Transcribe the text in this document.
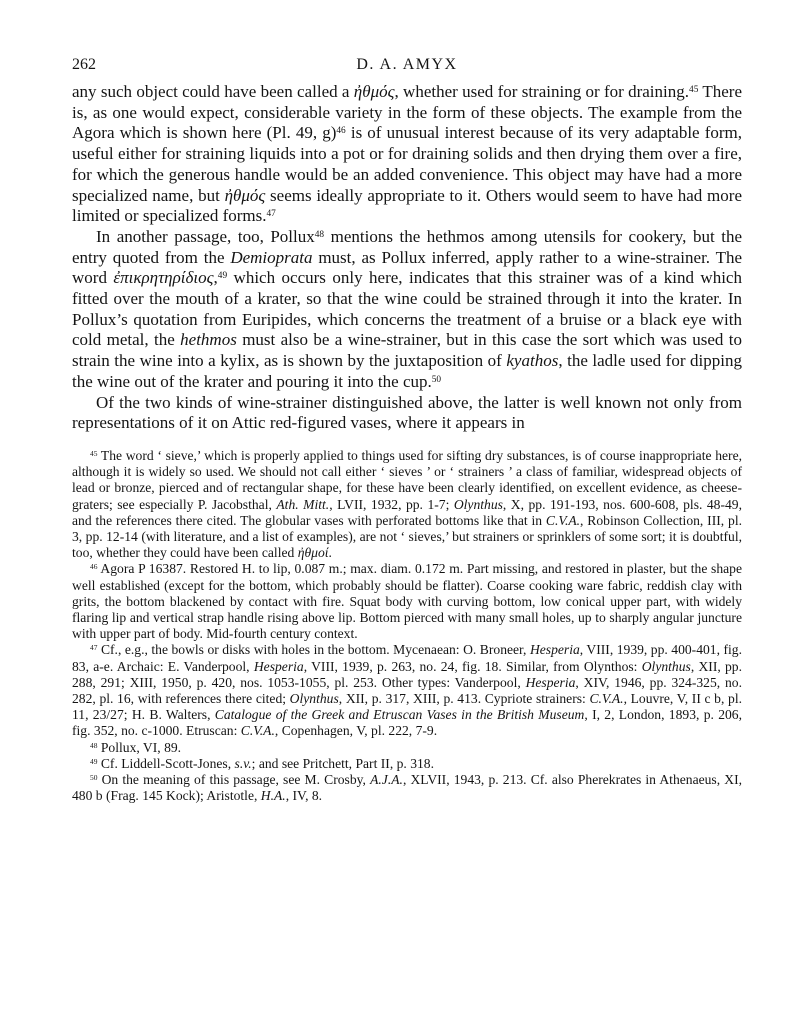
262	D. A. AMYX

any such object could have been called a ἠθμός, whether used for straining or for draining.$^{45}$ There is, as one would expect, considerable variety in the form of these objects. The example from the Agora which is shown here (Pl. 49, g)$^{46}$ is of unusual interest because of its very adaptable form, useful either for straining liquids into a pot or for draining solids and then drying them over a fire, for which the generous handle would be an added convenience. This object may have had a more specialized name, but ἠθμός seems ideally appropriate to it. Others would seem to have had more limited or specialized forms.$^{47}$

In another passage, too, Pollux$^{48}$ mentions the hethmos among utensils for cookery, but the entry quoted from the Demioprata must, as Pollux inferred, apply rather to a wine-strainer. The word ἐπικρητηρίδιος,$^{49}$ which occurs only here, indicates that this strainer was of a kind which fitted over the mouth of a krater, so that the wine could be strained through it into the krater. In Pollux’s quotation from Euripides, which concerns the treatment of a bruise or a black eye with cold metal, the hethmos must also be a wine-strainer, but in this case the sort which was used to strain the wine into a kylix, as is shown by the juxtaposition of kyathos, the ladle used for dipping the wine out of the krater and pouring it into the cup.$^{50}$

Of the two kinds of wine-strainer distinguished above, the latter is well known not only from representations of it on Attic red-figured vases, where it appears in

$^{45}$ The word ‘ sieve,’ which is properly applied to things used for sifting dry substances, is of course inappropriate here, although it is widely so used. We should not call either ‘ sieves ’ or ‘ strainers ’ a class of familiar, widespread objects of lead or bronze, pierced and of rectangular shape, for these have been clearly identified, on excellent evidence, as cheese-graters; see especially P. Jacobsthal, Ath. Mitt., LVII, 1932, pp. 1-7; Olynthus, X, pp. 191-193, nos. 600-608, pls. 48-49, and the references there cited. The globular vases with perforated bottoms like that in C.V.A., Robinson Collection, III, pl. 3, pp. 12-14 (with literature, and a list of examples), are not ‘ sieves,’ but strainers or sprinklers of some sort; it is doubtful, too, whether they could have been called ἠθμοί.

$^{46}$ Agora P 16387. Restored H. to lip, 0.087 m.; max. diam. 0.172 m. Part missing, and restored in plaster, but the shape well established (except for the bottom, which probably should be flatter). Coarse cooking ware fabric, reddish clay with grits, the bottom blackened by contact with fire. Squat body with curving bottom, low conical upper part, with widely flaring lip and vertical strap handle rising above lip. Bottom pierced with many small holes, up to sharply angular juncture with upper part of body. Mid-fourth century context.

$^{47}$ Cf., e.g., the bowls or disks with holes in the bottom. Mycenaean: O. Broneer, Hesperia, VIII, 1939, pp. 400-401, fig. 83, a-e. Archaic: E. Vanderpool, Hesperia, VIII, 1939, p. 263, no. 24, fig. 18. Similar, from Olynthos: Olynthus, XII, pp. 288, 291; XIII, 1950, p. 420, nos. 1053-1055, pl. 253. Other types: Vanderpool, Hesperia, XIV, 1946, pp. 324-325, no. 282, pl. 16, with references there cited; Olynthus, XII, p. 317, XIII, p. 413. Cypriote strainers: C.V.A., Louvre, V, II c b, pl. 11, 23/27; H. B. Walters, Catalogue of the Greek and Etruscan Vases in the British Museum, I, 2, London, 1893, p. 206, fig. 352, no. c-1000. Etruscan: C.V.A., Copenhagen, V, pl. 222, 7-9.

$^{48}$ Pollux, VI, 89.

$^{49}$ Cf. Liddell-Scott-Jones, s.v.; and see Pritchett, Part II, p. 318.

$^{50}$ On the meaning of this passage, see M. Crosby, A.J.A., XLVII, 1943, p. 213. Cf. also Pherekrates in Athenaeus, XI, 480 b (Frag. 145 Kock); Aristotle, H.A., IV, 8.
